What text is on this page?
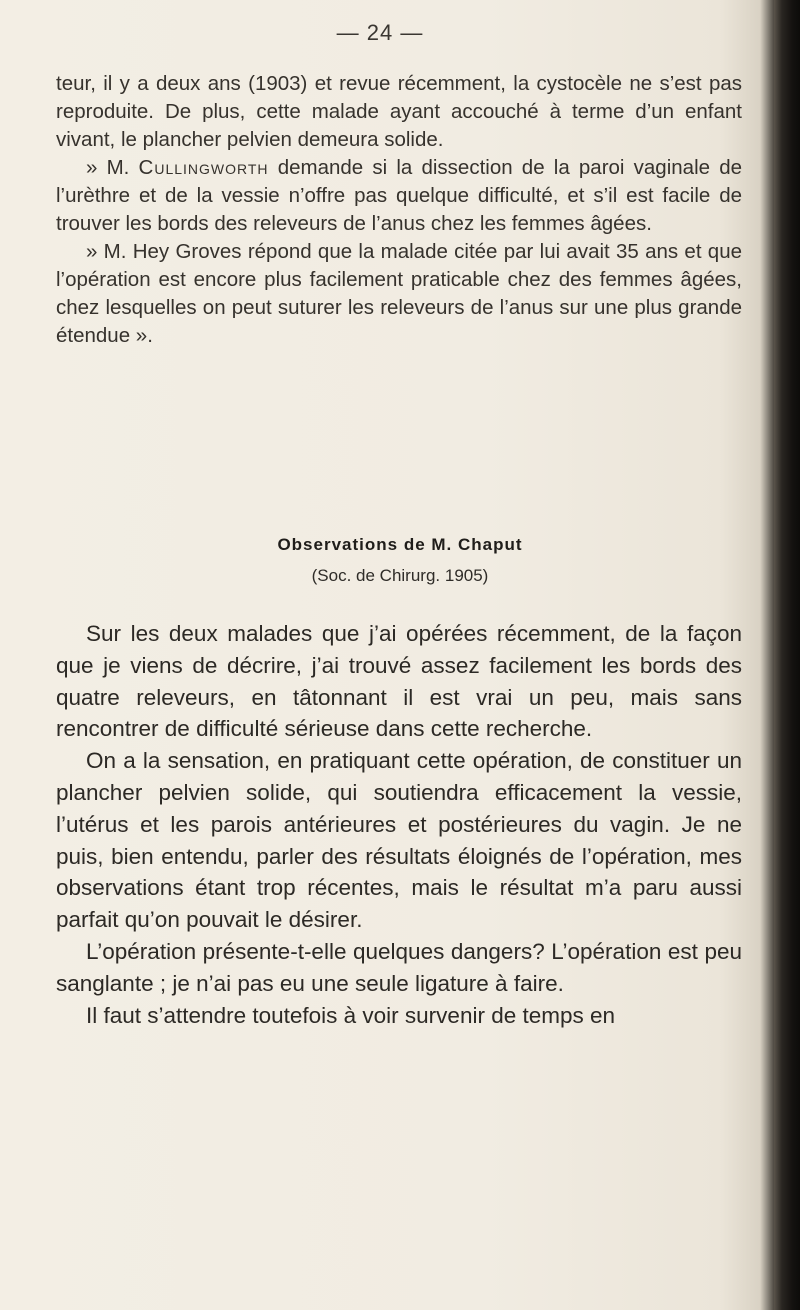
— 24 —

teur, il y a deux ans (1903) et revue récemment, la cystocèle ne s’est pas reproduite. De plus, cette malade ayant accouché à terme d’un enfant vivant, le plancher pelvien demeura solide.

» M. Cullingworth demande si la dissection de la paroi vaginale de l’urèthre et de la vessie n’offre pas quelque difficulté, et s’il est facile de trouver les bords des releveurs de l’anus chez les femmes âgées.

» M. Hey Groves répond que la malade citée par lui avait 35 ans et que l’opération est encore plus facilement praticable chez des femmes âgées, chez lesquelles on peut suturer les releveurs de l’anus sur une plus grande étendue ».

Observations de M. Chaput
(Soc. de Chirurg. 1905)

Sur les deux malades que j’ai opérées récemment, de la façon que je viens de décrire, j’ai trouvé assez facilement les bords des quatre releveurs, en tâtonnant il est vrai un peu, mais sans rencontrer de difficulté sérieuse dans cette recherche.

On a la sensation, en pratiquant cette opération, de constituer un plancher pelvien solide, qui soutiendra efficacement la vessie, l’utérus et les parois antérieures et postérieures du vagin. Je ne puis, bien entendu, parler des résultats éloignés de l’opération, mes observations étant trop récentes, mais le résultat m’a paru aussi parfait qu’on pouvait le désirer.

L’opération présente-t-elle quelques dangers? L’opération est peu sanglante ; je n’ai pas eu une seule ligature à faire.

Il faut s’attendre toutefois à voir survenir de temps en
